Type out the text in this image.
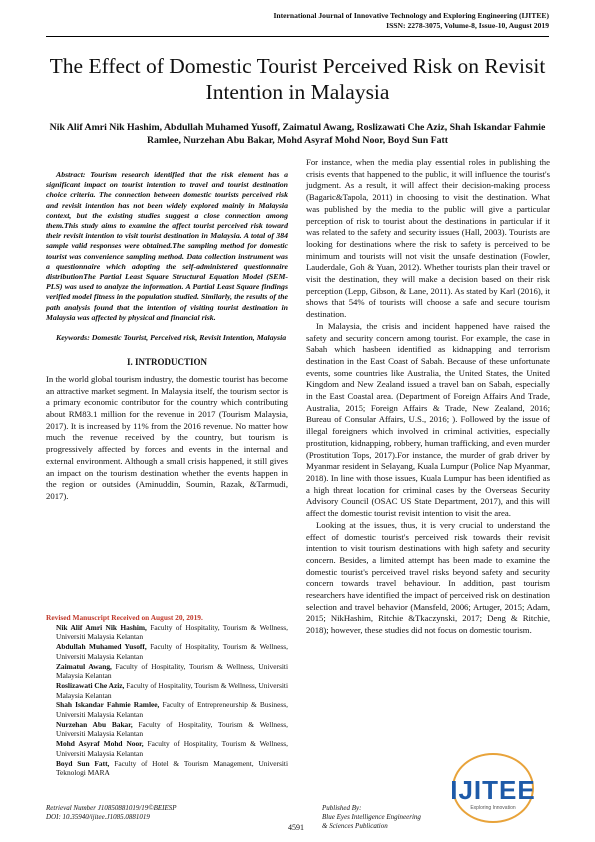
International Journal of Innovative Technology and Exploring Engineering (IJITEE)
ISSN: 2278-3075, Volume-8, Issue-10, August 2019
The Effect of Domestic Tourist Perceived Risk on Revisit Intention in Malaysia
Nik Alif Amri Nik Hashim, Abdullah Muhamed Yusoff, Zaimatul Awang, Roslizawati Che Aziz, Shah Iskandar Fahmie Ramlee, Nurzehan Abu Bakar, Mohd Asyraf Mohd Noor, Boyd Sun Fatt

Abstract: Tourism research identified that the risk element has a significant impact on tourist intention to travel and tourist destination choice criteria. The connection between domestic tourists perceived risk and revisit intention has not been widely explored mainly in Malaysia context, but the existing studies suggest a close connection among them.This study aims to examine the affect tourist perceived risk toward their revisit intention to visit tourist destination in Malaysia. A total of 384 sample valid responses were obtained.The sampling method for domestic tourist was convenience sampling method. Data collection instrument was a questionnaire which adopting the self-administered questionnaire distributionThe Partial Least Square Structural Equation Model (SEM-PLS) was used to analyze the information. A Partial Least Square findings verified model fitness in the population studied. Similarly, the results of the path analysis found that the intention of visiting tourist destination in Malaysia was affected by physical and financial risk.

Keywords: Domestic Tourist, Perceived risk, Revisit Intention, Malaysia

I. INTRODUCTION

In the world global tourism industry, the domestic tourist has become an attractive market segment. In Malaysia itself, the tourism sector is a primary economic contributor for the country which contributing about RM83.1 million for the revenue in 2017 (Tourism Malaysia, 2017). It is increased by 11% from the 2016 revenue. No matter how much the revenue received by the country, but tourism is progressively affected by forces and events in the internal and external environment. Although a small crisis happened, it still gives an impact on the tourism destination whether the events happen in the region or outsides (Aminuddin, Soumin, Razak, &Tarmudi, 2017).

Revised Manuscript Received on August 20, 2019.

Nik Alif Amri Nik Hashim, Faculty of Hospitality, Tourism & Wellness, Universiti Malaysia Kelantan

Abdullah Muhamed Yusoff, Faculty of Hospitality, Tourism & Wellness, Universiti Malaysia Kelantan

Zaimatul Awang, Faculty of Hospitality, Tourism & Wellness, Universiti Malaysia Kelantan

Roslizawati Che Aziz, Faculty of Hospitality, Tourism & Wellness, Universiti Malaysia Kelantan

Shah Iskandar Fahmie Ramlee, Faculty of Entrepreneurship & Business, Universiti Malaysia Kelantan

Nurzehan Abu Bakar, Faculty of Hospitality, Tourism & Wellness, Universiti Malaysia Kelantan

Mohd Asyraf Mohd Noor, Faculty of Hospitality, Tourism & Wellness, Universiti Malaysia Kelantan

Boyd Sun Fatt, Faculty of Hotel & Tourism Management, Universiti Teknologi MARA

For instance, when the media play essential roles in publishing the crisis events that happened to the public, it will influence the tourist's judgment. As a result, it will affect their decision-making process (Bagaric&Tapola, 2011) in choosing to visit the destination. What was published by the media to the public will give a particular perception of risk to tourist about the destinations in particular if it was related to the safety and security issues (Hall, 2003). Tourists are looking for destinations where the risk to safety is perceived to be minimum and tourists will not visit the unsafe destination (Fowler, Lauderdale, Goh & Yuan, 2012). Whether tourists plan their travel or visit the destination, they will make a decision based on their risk perception (Lepp, Gibson, & Lane, 2011). As stated by Karl (2016), it shows that 54% of tourists will choose a safe and secure tourism destination.

In Malaysia, the crisis and incident happened have raised the safety and security concern among tourist. For example, the case in Sabah which hasbeen identified as kidnapping and terrorism destination in the East Coast of Sabah. Because of these unfortunate events, some countries like Australia, the United States, the United Kingdom and New Zealand issued a travel ban on Sabah, especially in the East Coastal area. (Department of Foreign Affairs And Trade, Australia, 2015; Foreign Affairs & Trade, New Zealand, 2016; Bureau of Consular Affairs, U.S., 2016; ). Followed by the issue of illegal foreigners which involved in criminal activities, especially prostitution, kidnapping, robbery, human trafficking, and even murder (Prostitution Tops, 2017).For instance, the murder of grab driver by Myanmar resident in Selayang, Kuala Lumpur (Police Nap Myanmar, 2018). In line with those issues, Kuala Lumpur has been identified as a high threat location for criminal cases by the Overseas Security Advisory Council (OSAC US State Department, 2017), and this will affect the domestic tourist revisit intention to visit the area.

Looking at the issues, thus, it is very crucial to understand the effect of domestic tourist's perceived risk towards their revisit intention to visit tourism destinations with high safety and security concern. Besides, a limited attempt has been made to examine the domestic tourist's perceived travel risks beyond safety and security concern towards travel behaviour. In addition, past tourism researchers have identified the impact of perceived risk on destination selection and travel behavior (Mansfeld, 2006; Artuger, 2015; Adam, 2015; NikHashim, Ritchie &Tkaczynski, 2017; Deng & Ritchie, 2018); however, these studies did not focus on domestic tourism.

Retrieval Number J10850881019/19©BEIESP
DOI: 10.35940/ijitee.J1085.0881019
Published By:
Blue Eyes Intelligence Engineering
& Sciences Publication
4591
IJITEE
Exploring Innovation
